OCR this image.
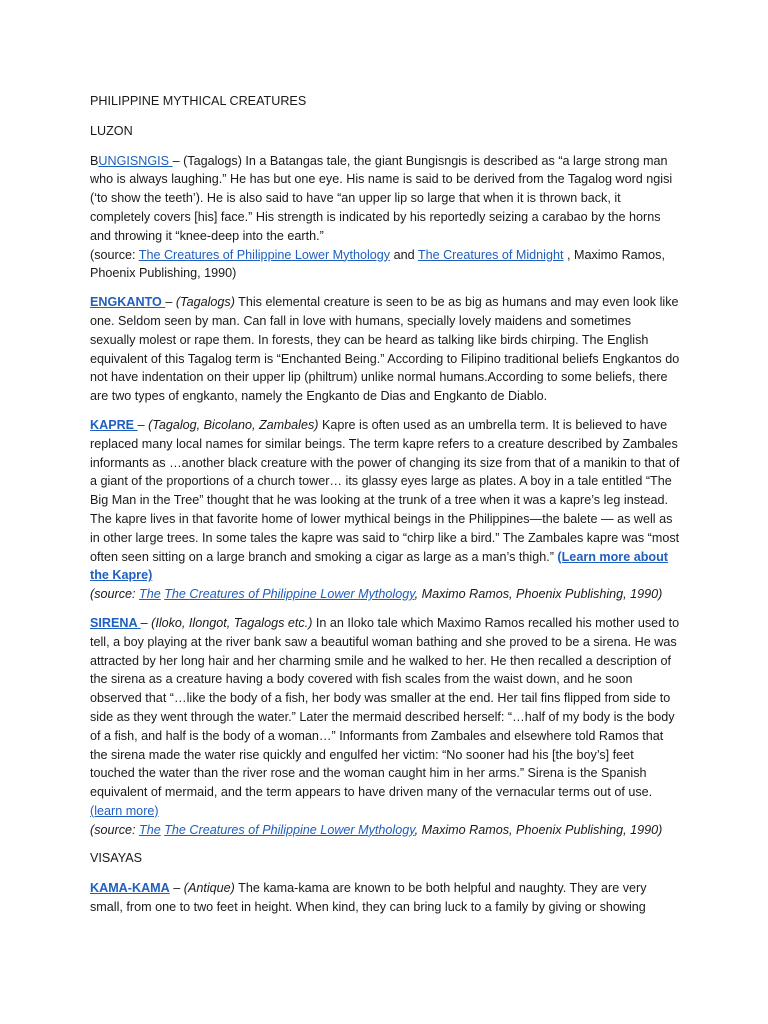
PHILIPPINE MYTHICAL CREATURES

LUZON

BUNGISNGIS – (Tagalogs) In a Batangas tale, the giant Bungisngis is described as “a large strong man who is always laughing.” He has but one eye. His name is said to be derived from the Tagalog word ngisi (‘to show the teeth’). He is also said to have “an upper lip so large that when it is thrown back, it completely covers [his] face.” His strength is indicated by his reportedly seizing a carabao by the horns and throwing it “knee-deep into the earth.”

(source: The Creatures of Philippine Lower Mythology and The Creatures of Midnight , Maximo Ramos, Phoenix Publishing, 1990)

ENGKANTO – (Tagalogs) This elemental creature is seen to be as big as humans and may even look like one. Seldom seen by man. Can fall in love with humans, specially lovely maidens and sometimes sexually molest or rape them. In forests, they can be heard as talking like birds chirping. The English equivalent of this Tagalog term is “Enchanted Being.” According to Filipino traditional beliefs Engkantos do not have indentation on their upper lip (philtrum) unlike normal humans.According to some beliefs, there are two types of engkanto, namely the Engkanto de Dias and Engkanto de Diablo.

KAPRE – (Tagalog, Bicolano, Zambales) Kapre is often used as an umbrella term. It is believed to have replaced many local names for similar beings. The term kapre refers to a creature described by Zambales informants as …another black creature with the power of changing its size from that of a manikin to that of a giant of the proportions of a church tower… its glassy eyes large as plates. A boy in a tale entitled “The Big Man in the Tree” thought that he was looking at the trunk of a tree when it was a kapre’s leg instead. The kapre lives in that favorite home of lower mythical beings in the Philippines—the balete — as well as in other large trees. In some tales the kapre was said to “chirp like a bird.” The Zambales kapre was “most often seen sitting on a large branch and smoking a cigar as large as a man’s thigh.” (Learn more about the Kapre)

(source: The The Creatures of Philippine Lower Mythology, Maximo Ramos, Phoenix Publishing, 1990)

SIRENA – (Iloko, Ilongot, Tagalogs etc.) In an Iloko tale which Maximo Ramos recalled his mother used to tell, a boy playing at the river bank saw a beautiful woman bathing and she proved to be a sirena. He was attracted by her long hair and her charming smile and he walked to her. He then recalled a description of the sirena as a creature having a body covered with fish scales from the waist down, and he soon observed that “…like the body of a fish, her body was smaller at the end. Her tail fins flipped from side to side as they went through the water.” Later the mermaid described herself: “…half of my body is the body of a fish, and half is the body of a woman…” Informants from Zambales and elsewhere told Ramos that the sirena made the water rise quickly and engulfed her victim: “No sooner had his [the boy’s] feet touched the water than the river rose and the woman caught him in her arms.” Sirena is the Spanish equivalent of mermaid, and the term appears to have driven many of the vernacular terms out of use.

(learn more)

(source: The The Creatures of Philippine Lower Mythology, Maximo Ramos, Phoenix Publishing, 1990)

VISAYAS

KAMA-KAMA – (Antique) The kama-kama are known to be both helpful and naughty. They are very small, from one to two feet in height. When kind, they can bring luck to a family by giving or showing
